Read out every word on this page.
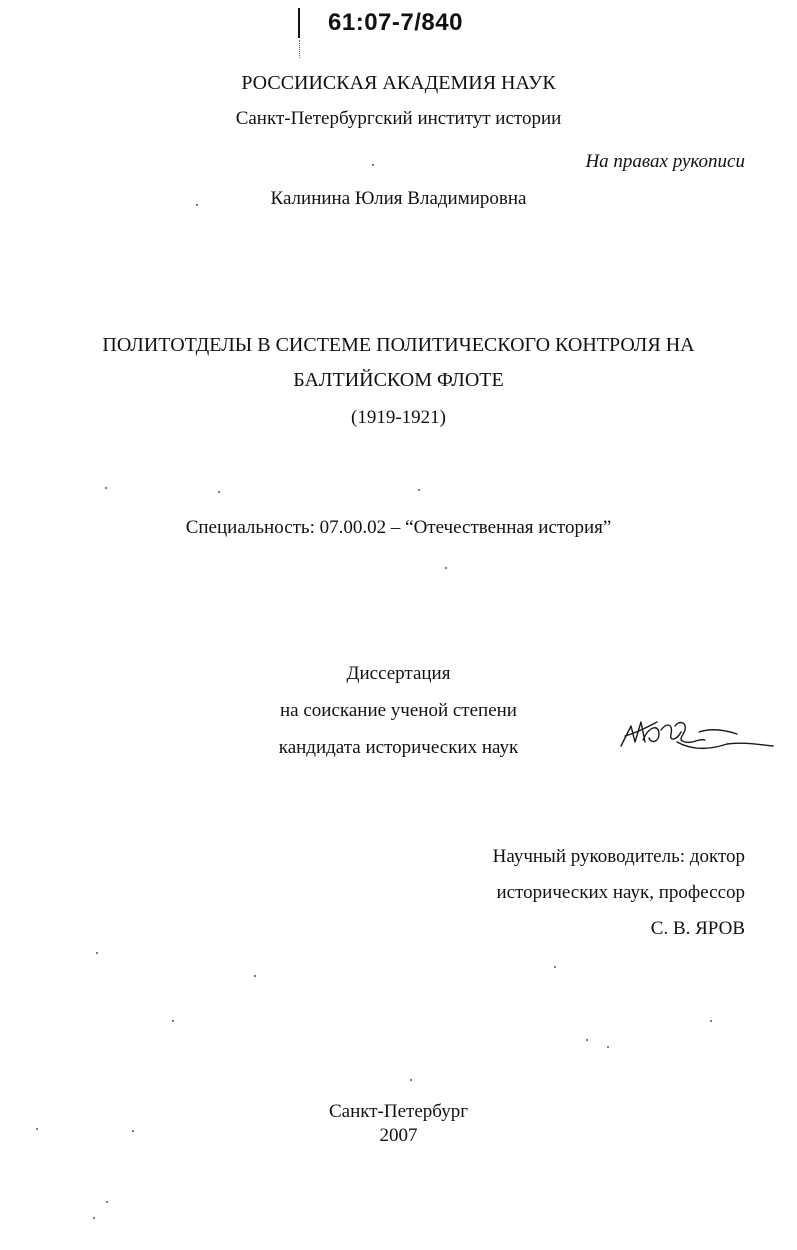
61:07-7/840
РОССИИСКАЯ АКАДЕМИЯ НАУК
Санкт-Петербургский институт истории
На правах рукописи
Калинина Юлия Владимировна
ПОЛИТОТДЕЛЫ В СИСТЕМЕ ПОЛИТИЧЕСКОГО КОНТРОЛЯ НА
БАЛТИЙСКОМ ФЛОТЕ
(1919-1921)
Специальность: 07.00.02 – “Отечественная история”
Диссертация
на соискание ученой степени
кандидата исторических наук
Научный руководитель: доктор
исторических наук, профессор
С. В. ЯРОВ
Санкт-Петербург
2007
